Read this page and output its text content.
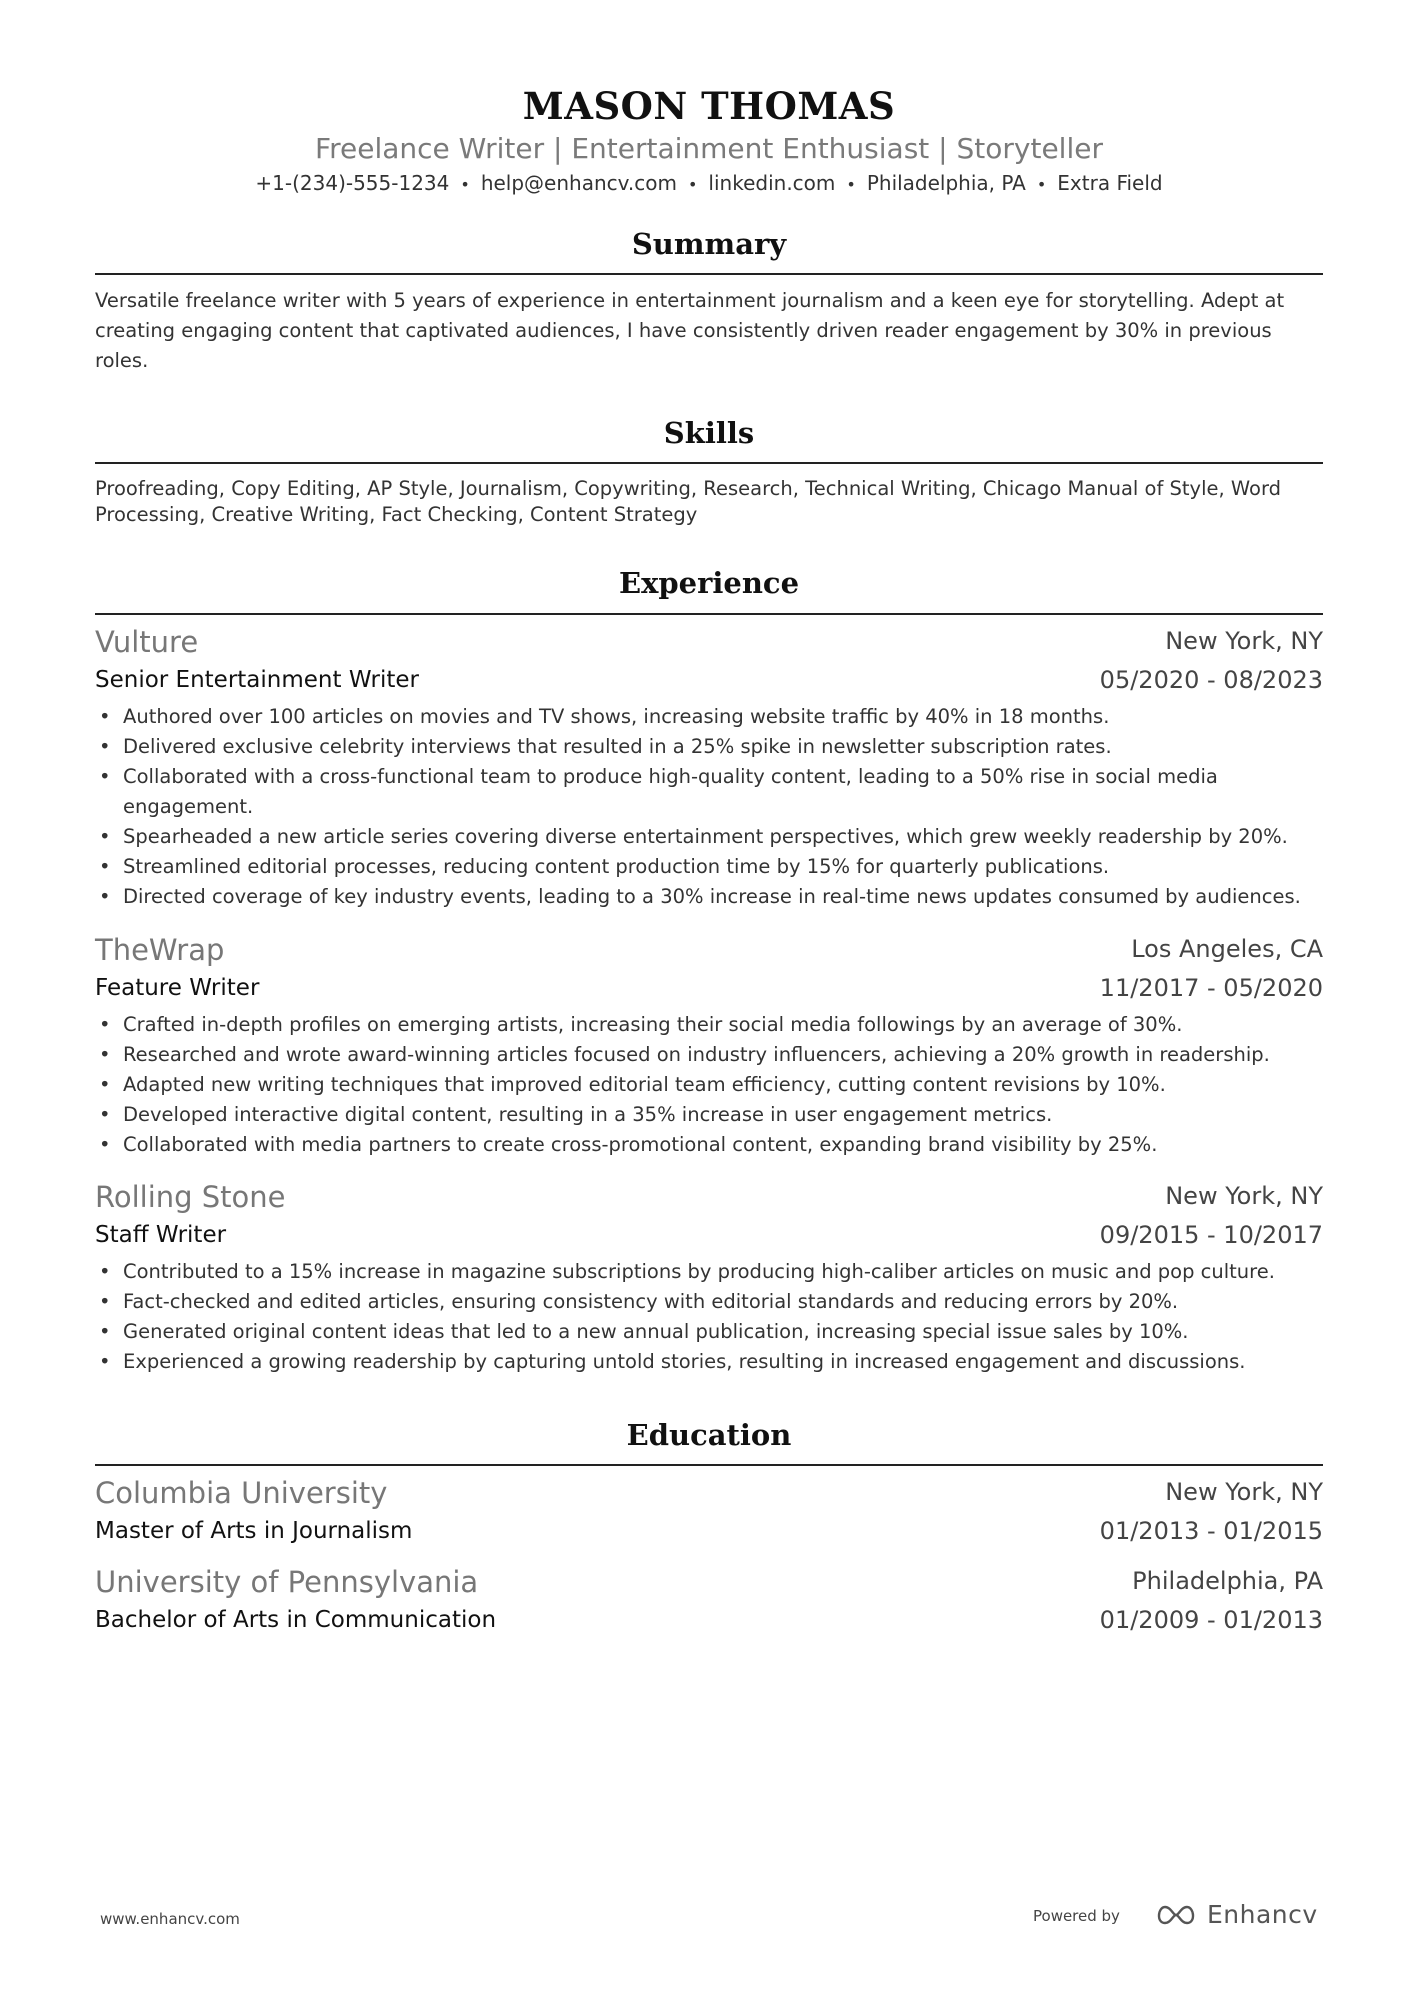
MASON THOMAS
Freelance Writer | Entertainment Enthusiast | Storyteller
+1-(234)-555-1234 • help@enhancv.com • linkedin.com • Philadelphia, PA • Extra Field
Summary
Versatile freelance writer with 5 years of experience in entertainment journalism and a keen eye for storytelling. Adept at creating engaging content that captivated audiences, I have consistently driven reader engagement by 30% in previous roles.
Skills
Proofreading, Copy Editing, AP Style, Journalism, Copywriting, Research, Technical Writing, Chicago Manual of Style, Word Processing, Creative Writing, Fact Checking, Content Strategy
Experience
Vulture	New York, NY
Senior Entertainment Writer	05/2020 - 08/2023
• Authored over 100 articles on movies and TV shows, increasing website traffic by 40% in 18 months.
• Delivered exclusive celebrity interviews that resulted in a 25% spike in newsletter subscription rates.
• Collaborated with a cross-functional team to produce high-quality content, leading to a 50% rise in social media engagement.
• Spearheaded a new article series covering diverse entertainment perspectives, which grew weekly readership by 20%.
• Streamlined editorial processes, reducing content production time by 15% for quarterly publications.
• Directed coverage of key industry events, leading to a 30% increase in real-time news updates consumed by audiences.
TheWrap	Los Angeles, CA
Feature Writer	11/2017 - 05/2020
• Crafted in-depth profiles on emerging artists, increasing their social media followings by an average of 30%.
• Researched and wrote award-winning articles focused on industry influencers, achieving a 20% growth in readership.
• Adapted new writing techniques that improved editorial team efficiency, cutting content revisions by 10%.
• Developed interactive digital content, resulting in a 35% increase in user engagement metrics.
• Collaborated with media partners to create cross-promotional content, expanding brand visibility by 25%.
Rolling Stone	New York, NY
Staff Writer	09/2015 - 10/2017
• Contributed to a 15% increase in magazine subscriptions by producing high-caliber articles on music and pop culture.
• Fact-checked and edited articles, ensuring consistency with editorial standards and reducing errors by 20%.
• Generated original content ideas that led to a new annual publication, increasing special issue sales by 10%.
• Experienced a growing readership by capturing untold stories, resulting in increased engagement and discussions.
Education
Columbia University	New York, NY
Master of Arts in Journalism	01/2013 - 01/2015
University of Pennsylvania	Philadelphia, PA
Bachelor of Arts in Communication	01/2009 - 01/2013
www.enhancv.com	Powered by	Enhancv
